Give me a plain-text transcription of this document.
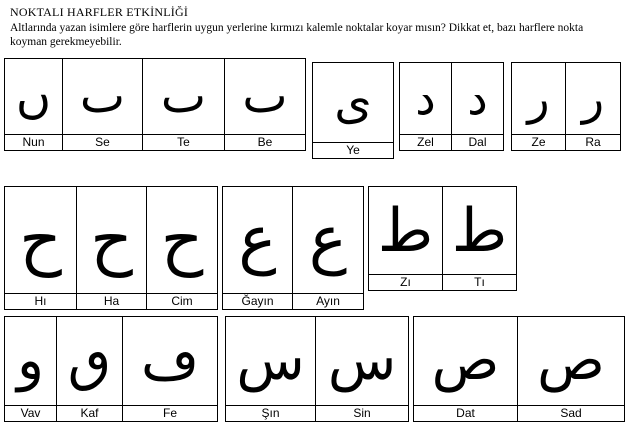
NOKTALI HARFLER ETKİNLİĞİ
Altlarında yazan isimlere göre harflerin uygun yerlerine kırmızı kalemle noktalar koyar mısın? Dikkat et, bazı harflere nokta koyman gerekmeyebilir.
ں
Nun
ٮ
Se
ٮ
Te
ٮ
Be
ى
Ye
د
Zel
د
Dal
ر
Ze
ر
Ra
ح
Hı
ح
Ha
ح
Cim
ع
Ğayın
ع
Ayın
ط
Zı
ط
Tı
و
Vav
ٯ
Kaf
ڡ
Fe
س
Şın
س
Sin
ص
Dat
ص
Sad
